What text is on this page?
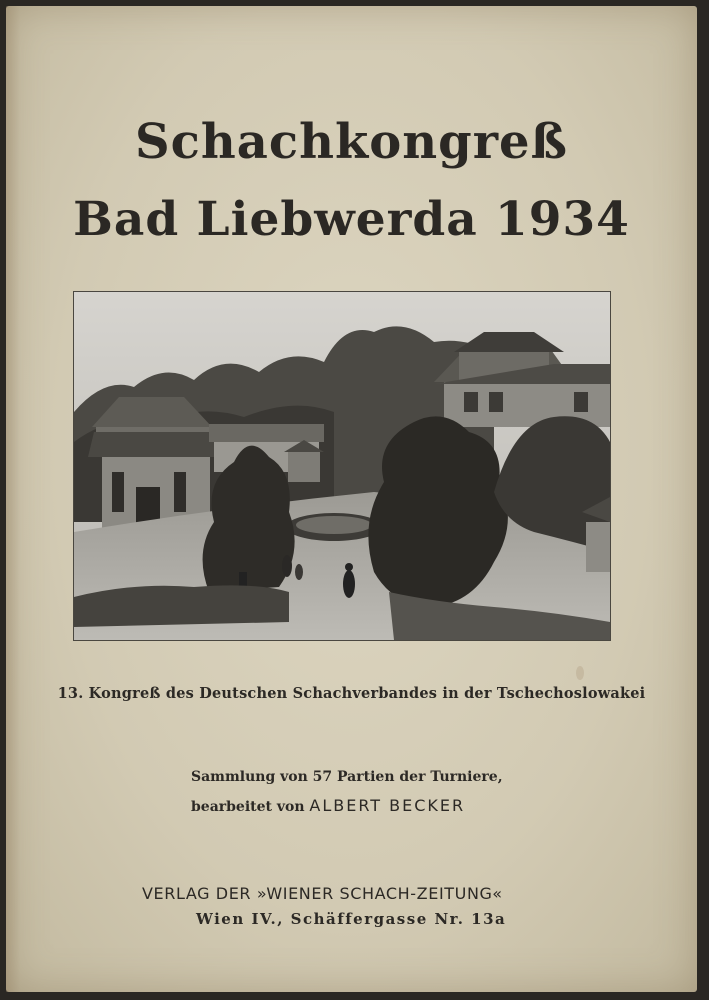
Schachkongreß
Bad Liebwerda 1934

13. Kongreß des Deutschen Schachverbandes in der Tschechoslowakei

Sammlung von 57 Partien der Turniere,

bearbeitet von ALBERT BECKER

VERLAG DER »WIENER SCHACH-ZEITUNG«

Wien IV., Schäffergasse Nr. 13a
